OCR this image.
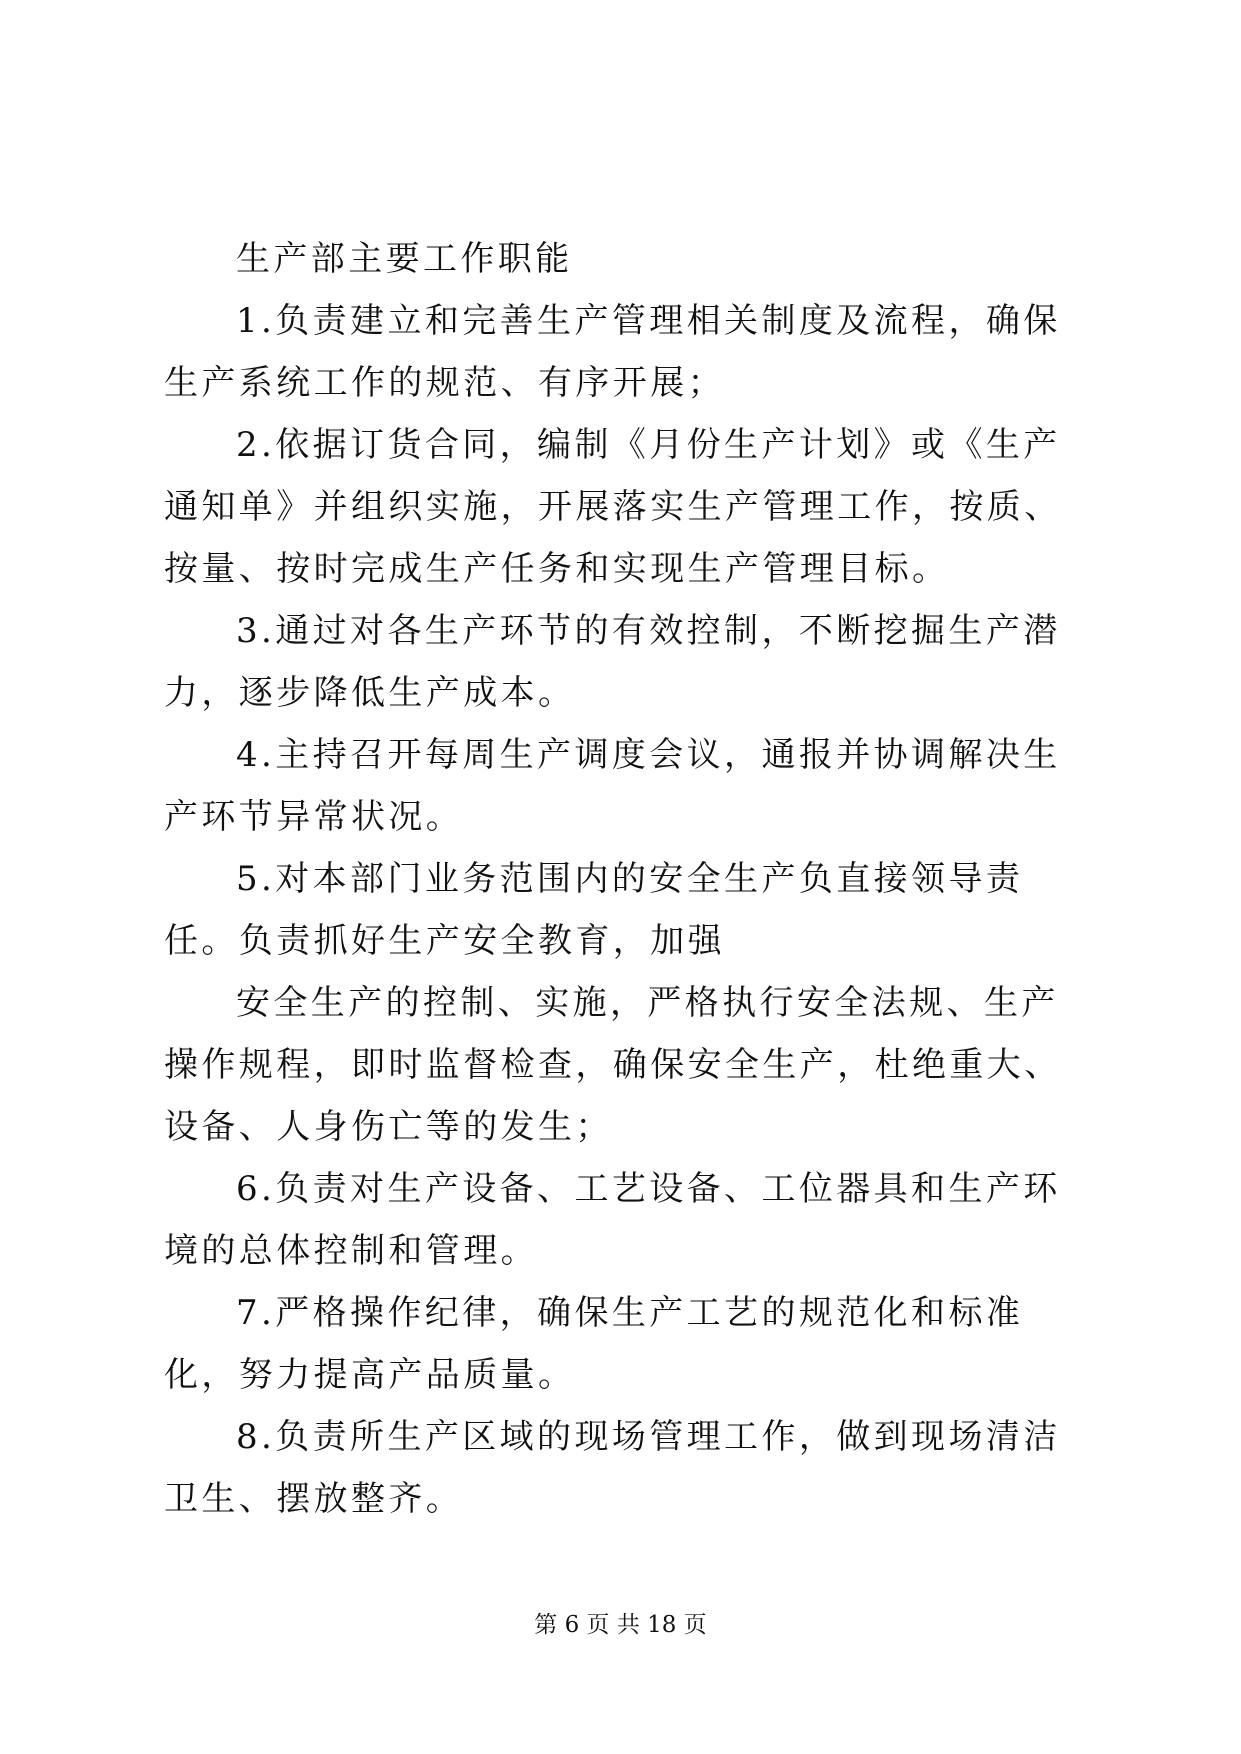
生产部主要工作职能

1.负责建立和完善生产管理相关制度及流程，确保生产系统工作的规范、有序开展；

2.依据订货合同，编制《月份生产计划》或《生产通知单》并组织实施，开展落实生产管理工作，按质、按量、按时完成生产任务和实现生产管理目标。

3.通过对各生产环节的有效控制，不断挖掘生产潜力，逐步降低生产成本。

4.主持召开每周生产调度会议，通报并协调解决生产环节异常状况。

5.对本部门业务范围内的安全生产负直接领导责任。负责抓好生产安全教育，加强

安全生产的控制、实施，严格执行安全法规、生产操作规程，即时监督检查，确保安全生产，杜绝重大、设备、人身伤亡等的发生；

6.负责对生产设备、工艺设备、工位器具和生产环境的总体控制和管理。

7.严格操作纪律，确保生产工艺的规范化和标准化，努力提高产品质量。

8.负责所生产区域的现场管理工作，做到现场清洁卫生、摆放整齐。

第 6 页 共 18 页
